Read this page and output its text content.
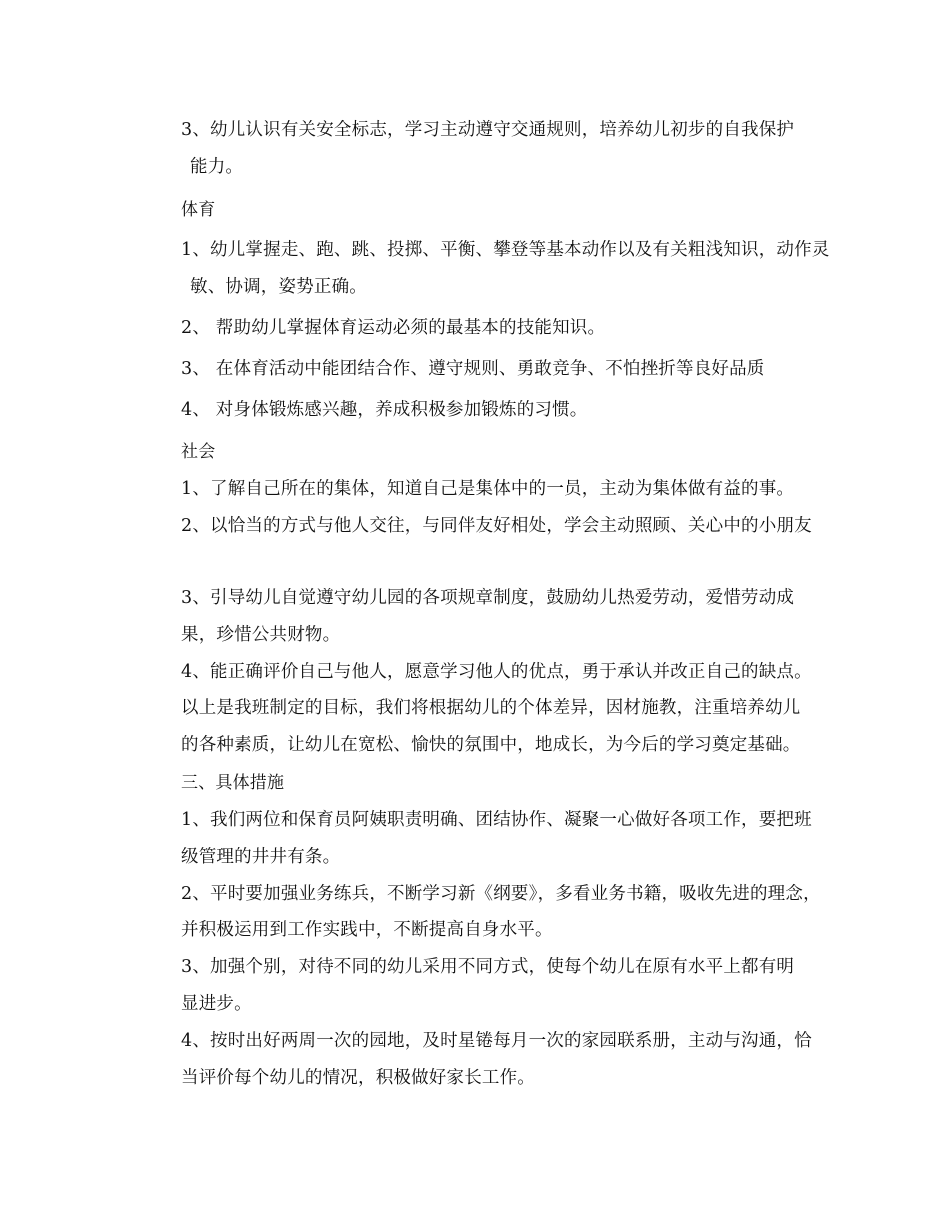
3、幼儿认识有关安全标志，学习主动遵守交通规则，培养幼儿初步的自我保护
能力。
体育
1、幼儿掌握走、跑、跳、投掷、平衡、攀登等基本动作以及有关粗浅知识，动作灵
敏、协调，姿势正确。
2、 帮助幼儿掌握体育运动必须的最基本的技能知识。
3、 在体育活动中能团结合作、遵守规则、勇敢竞争、不怕挫折等良好品质
4、 对身体锻炼感兴趣，养成积极参加锻炼的习惯。
社会
1、了解自己所在的集体，知道自己是集体中的一员，主动为集体做有益的事。
2、以恰当的方式与他人交往，与同伴友好相处，学会主动照顾、关心中的小朋友
3、引导幼儿自觉遵守幼儿园的各项规章制度，鼓励幼儿热爱劳动，爱惜劳动成
果，珍惜公共财物。
4、能正确评价自己与他人，愿意学习他人的优点，勇于承认并改正自己的缺点。
以上是我班制定的目标，我们将根据幼儿的个体差异，因材施教，注重培养幼儿
的各种素质，让幼儿在宽松、愉快的氛围中，地成长，为今后的学习奠定基础。
三、具体措施
1、我们两位和保育员阿姨职责明确、团结协作、凝聚一心做好各项工作，要把班
级管理的井井有条。
2、平时要加强业务练兵，不断学习新《纲要》，多看业务书籍，吸收先进的理念，
并积极运用到工作实践中，不断提高自身水平。
3、加强个别，对待不同的幼儿采用不同方式，使每个幼儿在原有水平上都有明
显进步。
4、按时出好两周一次的园地，及时星锩每月一次的家园联系册，主动与沟通，恰
当评价每个幼儿的情况，积极做好家长工作。
